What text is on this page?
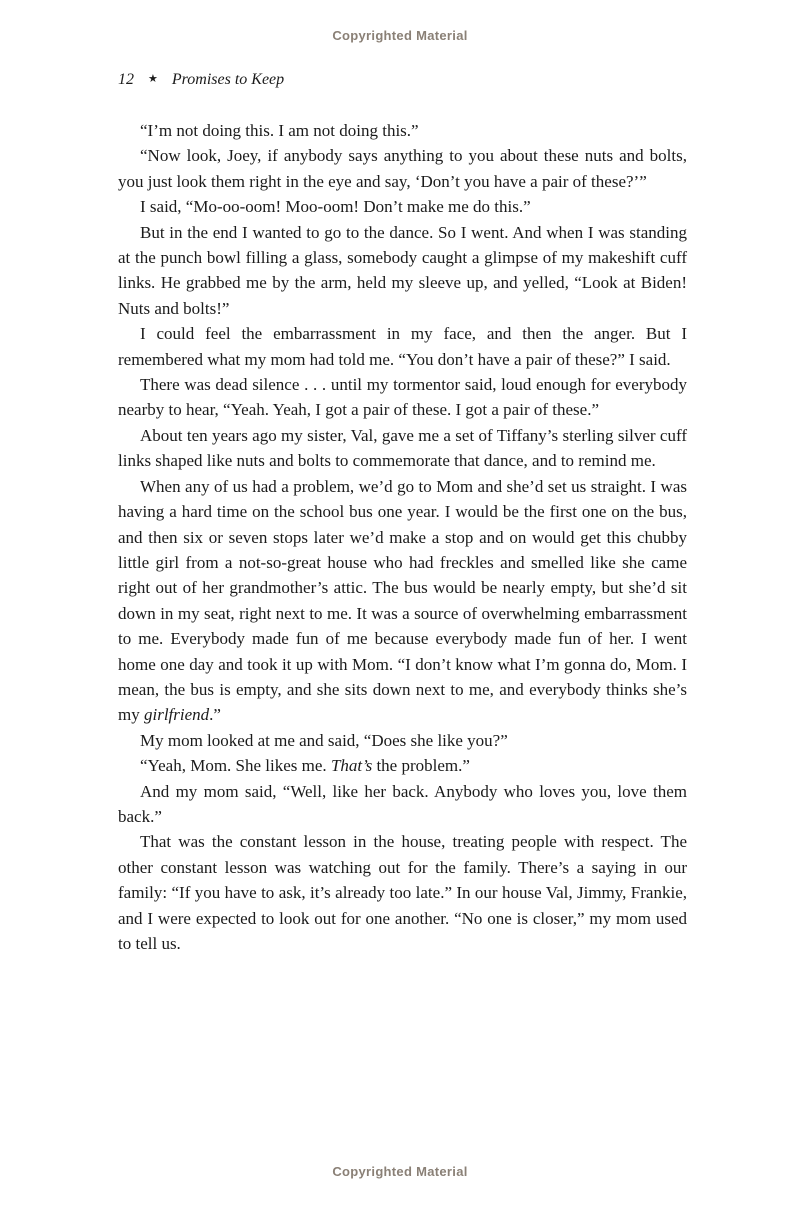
Copyrighted Material
12 ★ Promises to Keep

“I’m not doing this. I am not doing this.”

“Now look, Joey, if anybody says anything to you about these nuts and bolts, you just look them right in the eye and say, ‘Don’t you have a pair of these?’”

I said, “Mo-oo-oom! Moo-oom! Don’t make me do this.”

But in the end I wanted to go to the dance. So I went. And when I was standing at the punch bowl filling a glass, somebody caught a glimpse of my makeshift cuff links. He grabbed me by the arm, held my sleeve up, and yelled, “Look at Biden! Nuts and bolts!”

I could feel the embarrassment in my face, and then the anger. But I remembered what my mom had told me. “You don’t have a pair of these?” I said.

There was dead silence . . . until my tormentor said, loud enough for everybody nearby to hear, “Yeah. Yeah, I got a pair of these. I got a pair of these.”

About ten years ago my sister, Val, gave me a set of Tiffany’s sterling silver cuff links shaped like nuts and bolts to commemorate that dance, and to remind me.

When any of us had a problem, we’d go to Mom and she’d set us straight. I was having a hard time on the school bus one year. I would be the first one on the bus, and then six or seven stops later we’d make a stop and on would get this chubby little girl from a not-so-great house who had freckles and smelled like she came right out of her grandmother’s attic. The bus would be nearly empty, but she’d sit down in my seat, right next to me. It was a source of overwhelming embarrassment to me. Everybody made fun of me because everybody made fun of her. I went home one day and took it up with Mom. “I don’t know what I’m gonna do, Mom. I mean, the bus is empty, and she sits down next to me, and everybody thinks she’s my girlfriend.”

My mom looked at me and said, “Does she like you?”

“Yeah, Mom. She likes me. That’s the problem.”

And my mom said, “Well, like her back. Anybody who loves you, love them back.”

That was the constant lesson in the house, treating people with respect. The other constant lesson was watching out for the family. There’s a saying in our family: “If you have to ask, it’s already too late.” In our house Val, Jimmy, Frankie, and I were expected to look out for one another. “No one is closer,” my mom used to tell us.

Copyrighted Material
